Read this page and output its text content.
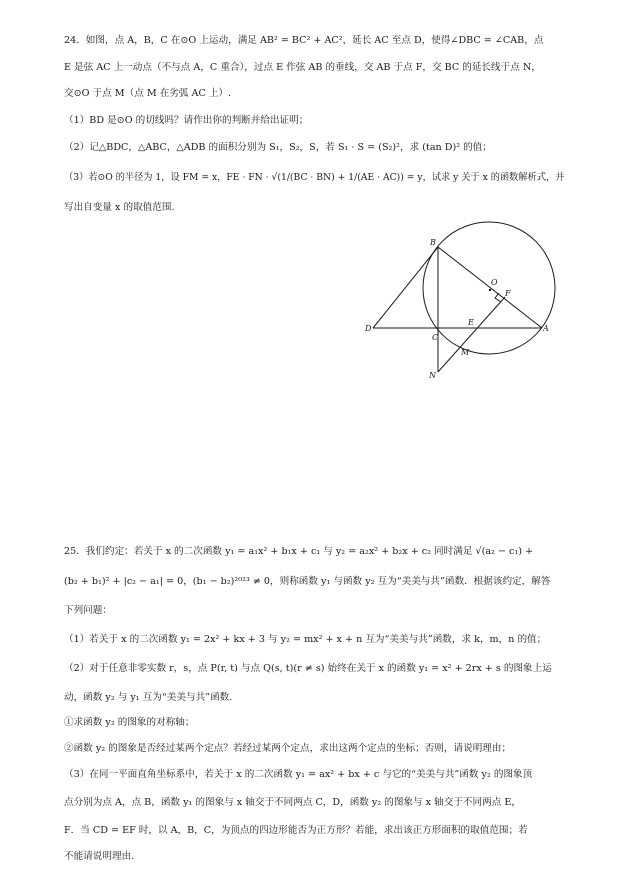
24．如图，点 A，B，C 在⊙O 上运动，满足 AB² = BC² + AC²，延长 AC 至点 D，使得∠DBC = ∠CAB，点
E 是弦 AC 上一动点（不与点 A，C 重合），过点 E 作弦 AB 的垂线，交 AB 于点 F，交 BC 的延长线于点 N，
交⊙O 于点 M（点 M 在劣弧 AC 上）.
（1）BD 是⊙O 的切线吗？请作出你的判断并给出证明；
（2）记△BDC，△ABC，△ADB 的面积分别为 S₁，S₂，S，若 S₁ · S = (S₂)²，求 (tan D)² 的值；
（3）若⊙O 的半径为 1，设 FM = x，FE · FN · √(1/(BC · BN) + 1/(AE · AC)) = y，试求 y 关于 x 的函数解析式，并
写出自变量 x 的取值范围.
B
O
F
D
C
E
A
M
N
25．我们约定：若关于 x 的二次函数 y₁ = a₁x² + b₁x + c₁ 与 y₂ = a₂x² + b₂x + c₂ 同时满足 √(a₂ − c₁) +
(b₂ + b₁)² + |c₂ − a₁| = 0，(b₁ − b₂)²⁰²³ ≠ 0，则称函数 y₁ 与函数 y₂ 互为“美美与共”函数．根据该约定，解答
下列问题：
（1）若关于 x 的二次函数 y₁ = 2x² + kx + 3 与 y₂ = mx² + x + n 互为“美美与共”函数，求 k，m，n 的值；
（2）对于任意非零实数 r，s，点 P(r, t) 与点 Q(s, t)(r ≠ s) 始终在关于 x 的函数 y₁ = x² + 2rx + s 的图象上运
动，函数 y₂ 与 y₁ 互为“美美与共”函数.
①求函数 y₂ 的图象的对称轴；
②函数 y₂ 的图象是否经过某两个定点？若经过某两个定点，求出这两个定点的坐标；否则，请说明理由；
（3）在同一平面直角坐标系中，若关于 x 的二次函数 y₁ = ax² + bx + c 与它的“美美与共”函数 y₂ 的图象顶
点分别为点 A，点 B，函数 y₁ 的图象与 x 轴交于不同两点 C，D，函数 y₂ 的图象与 x 轴交于不同两点 E，
F．当 CD = EF 时，以 A，B，C，为顶点的四边形能否为正方形？若能，求出该正方形面积的取值范围；若
不能请说明理由.
